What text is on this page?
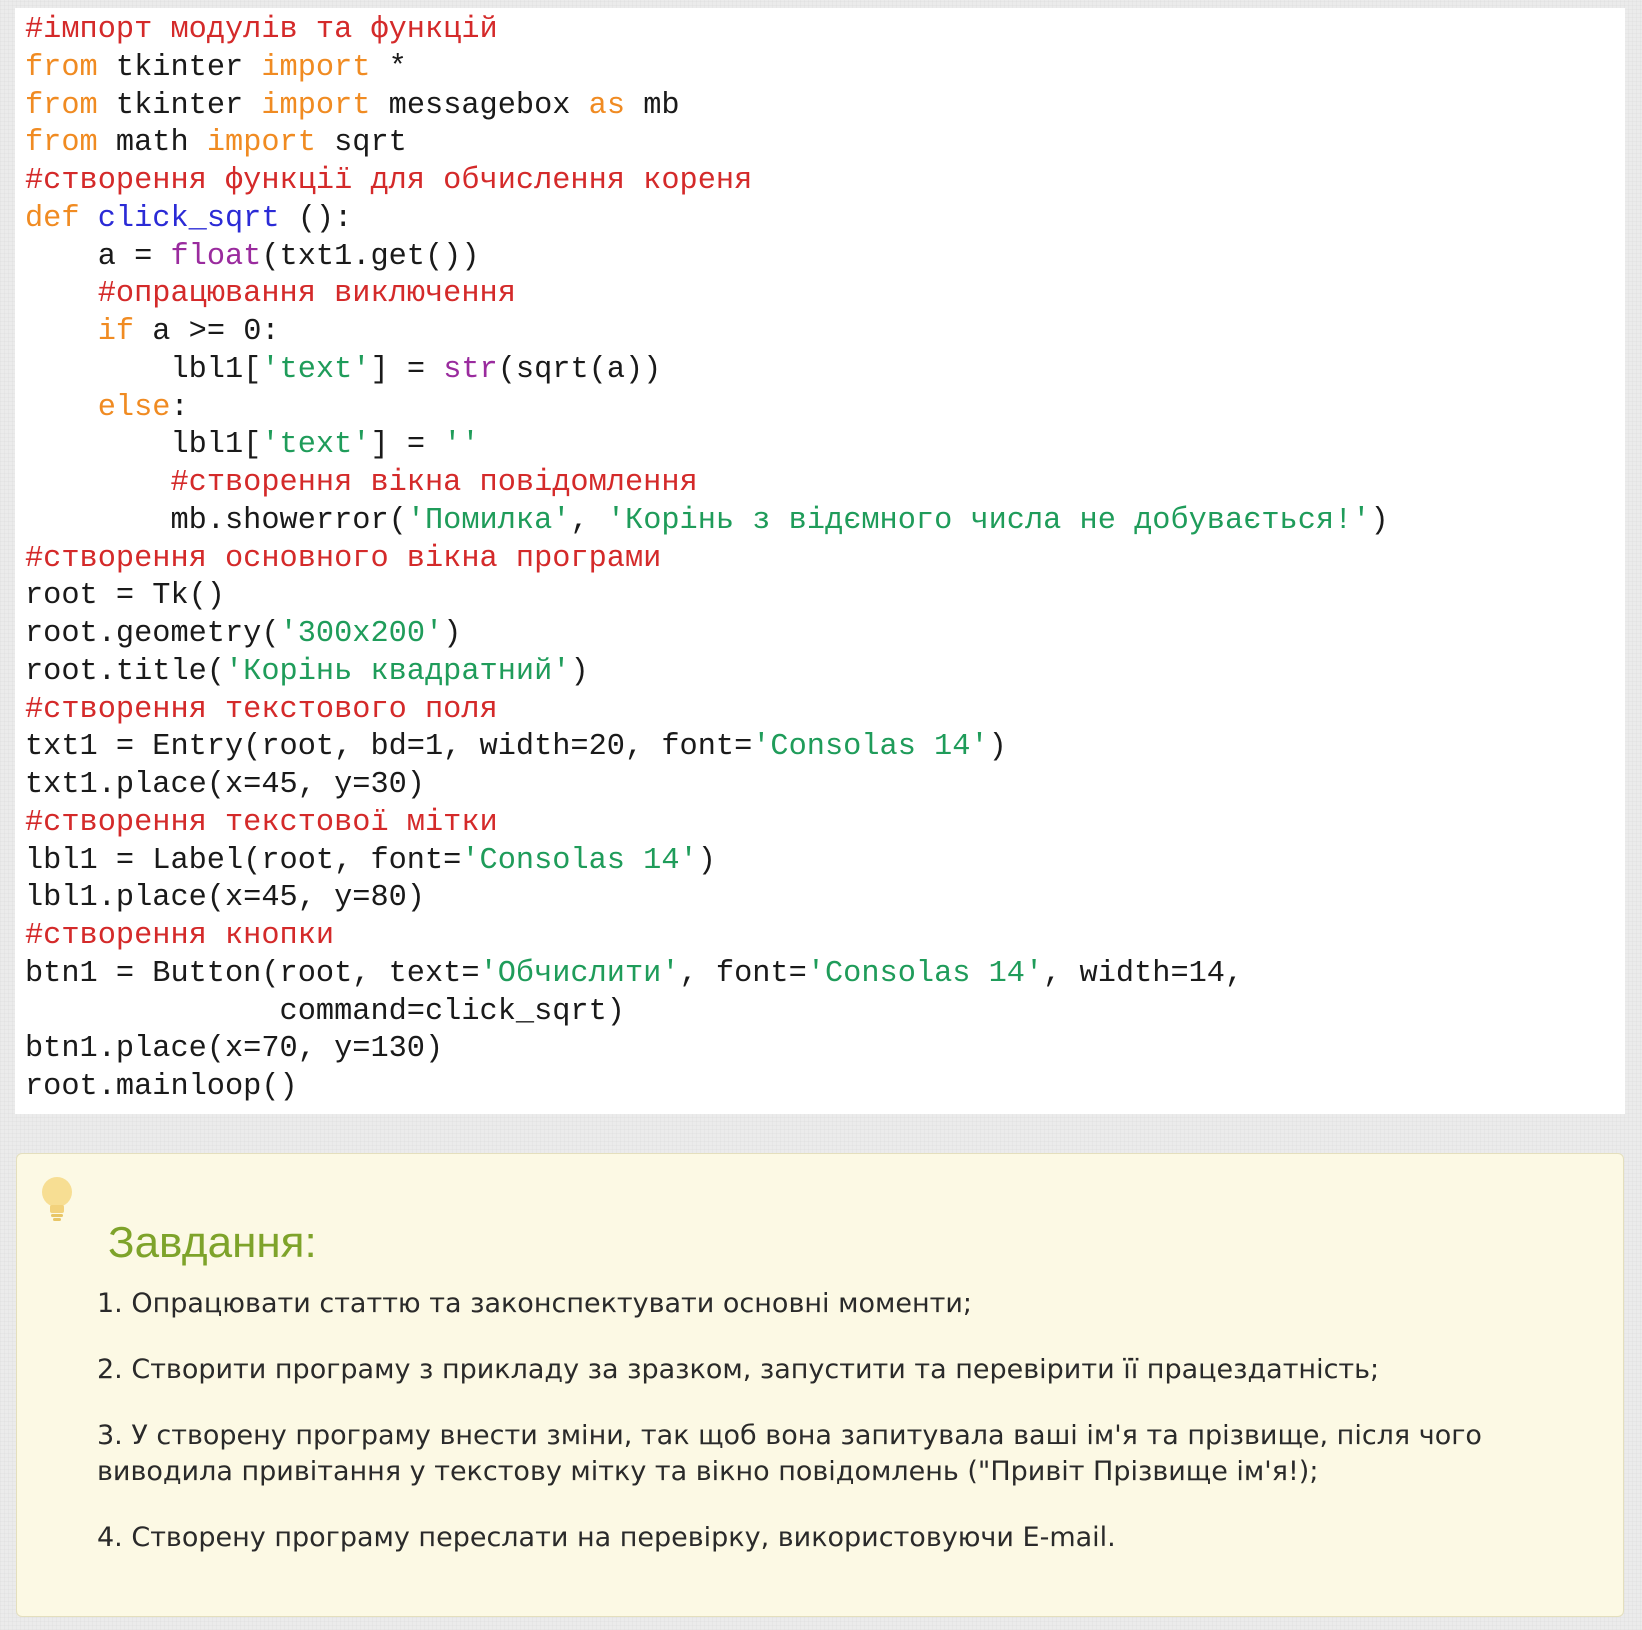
#імпорт модулів та функцій
from tkinter import *
from tkinter import messagebox as mb
from math import sqrt
#створення функції для обчислення кореня
def click_sqrt ():
a = float(txt1.get())
#опрацювання виключення
if a >= 0:
lbl1['text'] = str(sqrt(a))
else:
lbl1['text'] = ''
#створення вікна повідомлення
mb.showerror('Помилка', 'Корінь з відємного числа не добувається!')
#створення основного вікна програми
root = Tk()
root.geometry('300x200')
root.title('Корінь квадратний')
#створення текстового поля
txt1 = Entry(root, bd=1, width=20, font='Consolas 14')
txt1.place(x=45, y=30)
#створення текстової мітки
lbl1 = Label(root, font='Consolas 14')
lbl1.place(x=45, y=80)
#створення кнопки
btn1 = Button(root, text='Обчислити', font='Consolas 14', width=14,
command=click_sqrt)
btn1.place(x=70, y=130)
root.mainloop()
Завдання:

1. Опрацювати статтю та законспектувати основні моменти;

2. Створити програму з прикладу за зразком, запустити та перевірити її працездатність;

3. У створену програму внести зміни, так щоб вона запитувала ваші ім'я та прізвище, після чого виводила привітання у текстову мітку та вікно повідомлень ("Привіт Прізвище ім'я!);

4. Створену програму переслати на перевірку, використовуючи E-mail.
